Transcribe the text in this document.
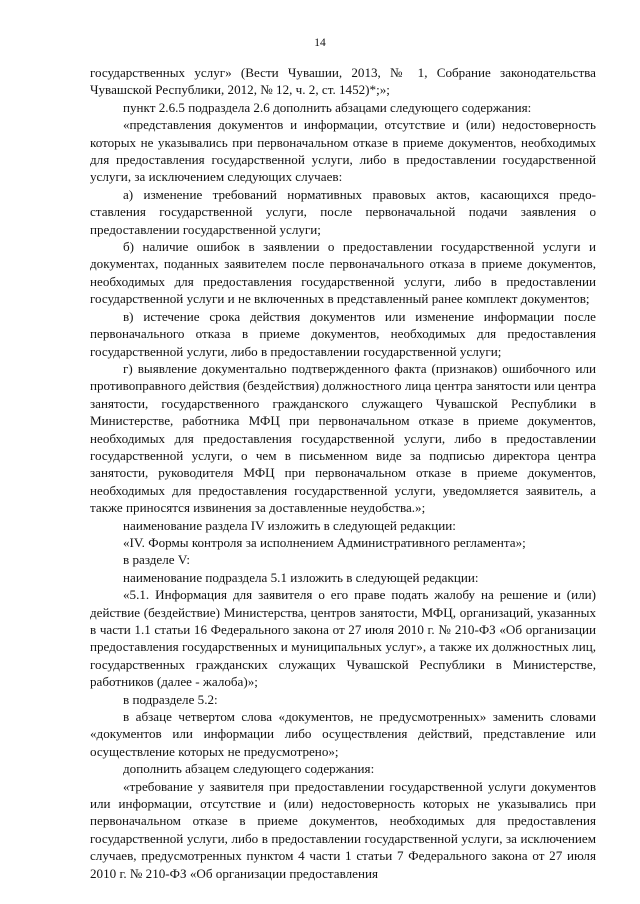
14

государственных услуг» (Вести Чувашии, 2013, № 1, Собрание законодательства Чувашской Республики, 2012, № 12, ч. 2, ст. 1452)*;»;

пункт 2.6.5 подраздела 2.6 дополнить абзацами следующего содержания:

«представления документов и информации, отсутствие и (или) недостоверность которых не указывались при первоначальном отказе в приеме документов, необходимых для предоставления государственной услуги, либо в предоставлении государственной услуги, за исключением следующих случаев:

а) изменение требований нормативных правовых актов, касающихся предоставления государственной услуги, после первоначальной подачи заявления о предоставлении государственной услуги;

б) наличие ошибок в заявлении о предоставлении государственной услуги и документах, поданных заявителем после первоначального отказа в приеме документов, необходимых для предоставления государственной услуги, либо в предоставлении государственной услуги и не включенных в представленный ранее комплект документов;

в) истечение срока действия документов или изменение информации после первоначального отказа в приеме документов, необходимых для предоставления государственной услуги, либо в предоставлении государственной услуги;

г) выявление документально подтвержденного факта (признаков) ошибочного или противоправного действия (бездействия) должностного лица центра занятости или центра занятости, государственного гражданского служащего Чувашской Республики в Министерстве, работника МФЦ при первоначальном отказе в приеме документов, необходимых для предоставления государственной услуги, либо в предоставлении государственной услуги, о чем в письменном виде за подписью директора центра занятости, руководителя МФЦ при первоначальном отказе в приеме документов, необходимых для предоставления государственной услуги, уведомляется заявитель, а также приносятся извинения за доставленные неудобства.»;

наименование раздела IV изложить в следующей редакции:

«IV. Формы контроля за исполнением Административного регламента»;

в разделе V:

наименование подраздела 5.1 изложить в следующей редакции:

«5.1. Информация для заявителя о его праве подать жалобу на решение и (или) действие (бездействие) Министерства, центров занятости, МФЦ, организаций, указанных в части 1.1 статьи 16 Федерального закона от 27 июля 2010 г. № 210-ФЗ «Об организации предоставления государственных и муниципальных услуг», а также их должностных лиц, государственных гражданских служащих Чувашской Республики в Министерстве, работников (далее - жалоба)»;

в подразделе 5.2:

в абзаце четвертом слова «документов, не предусмотренных» заменить словами «документов или информации либо осуществления действий, представление или осуществление которых не предусмотрено»;

дополнить абзацем следующего содержания:

«требование у заявителя при предоставлении государственной услуги документов или информации, отсутствие и (или) недостоверность которых не указывались при первоначальном отказе в приеме документов, необходимых для предоставления государственной услуги, либо в предоставлении государственной услуги, за исключением случаев, предусмотренных пунктом 4 части 1 статьи 7 Федерального закона от 27 июля 2010 г. № 210-ФЗ «Об организации предоставления
